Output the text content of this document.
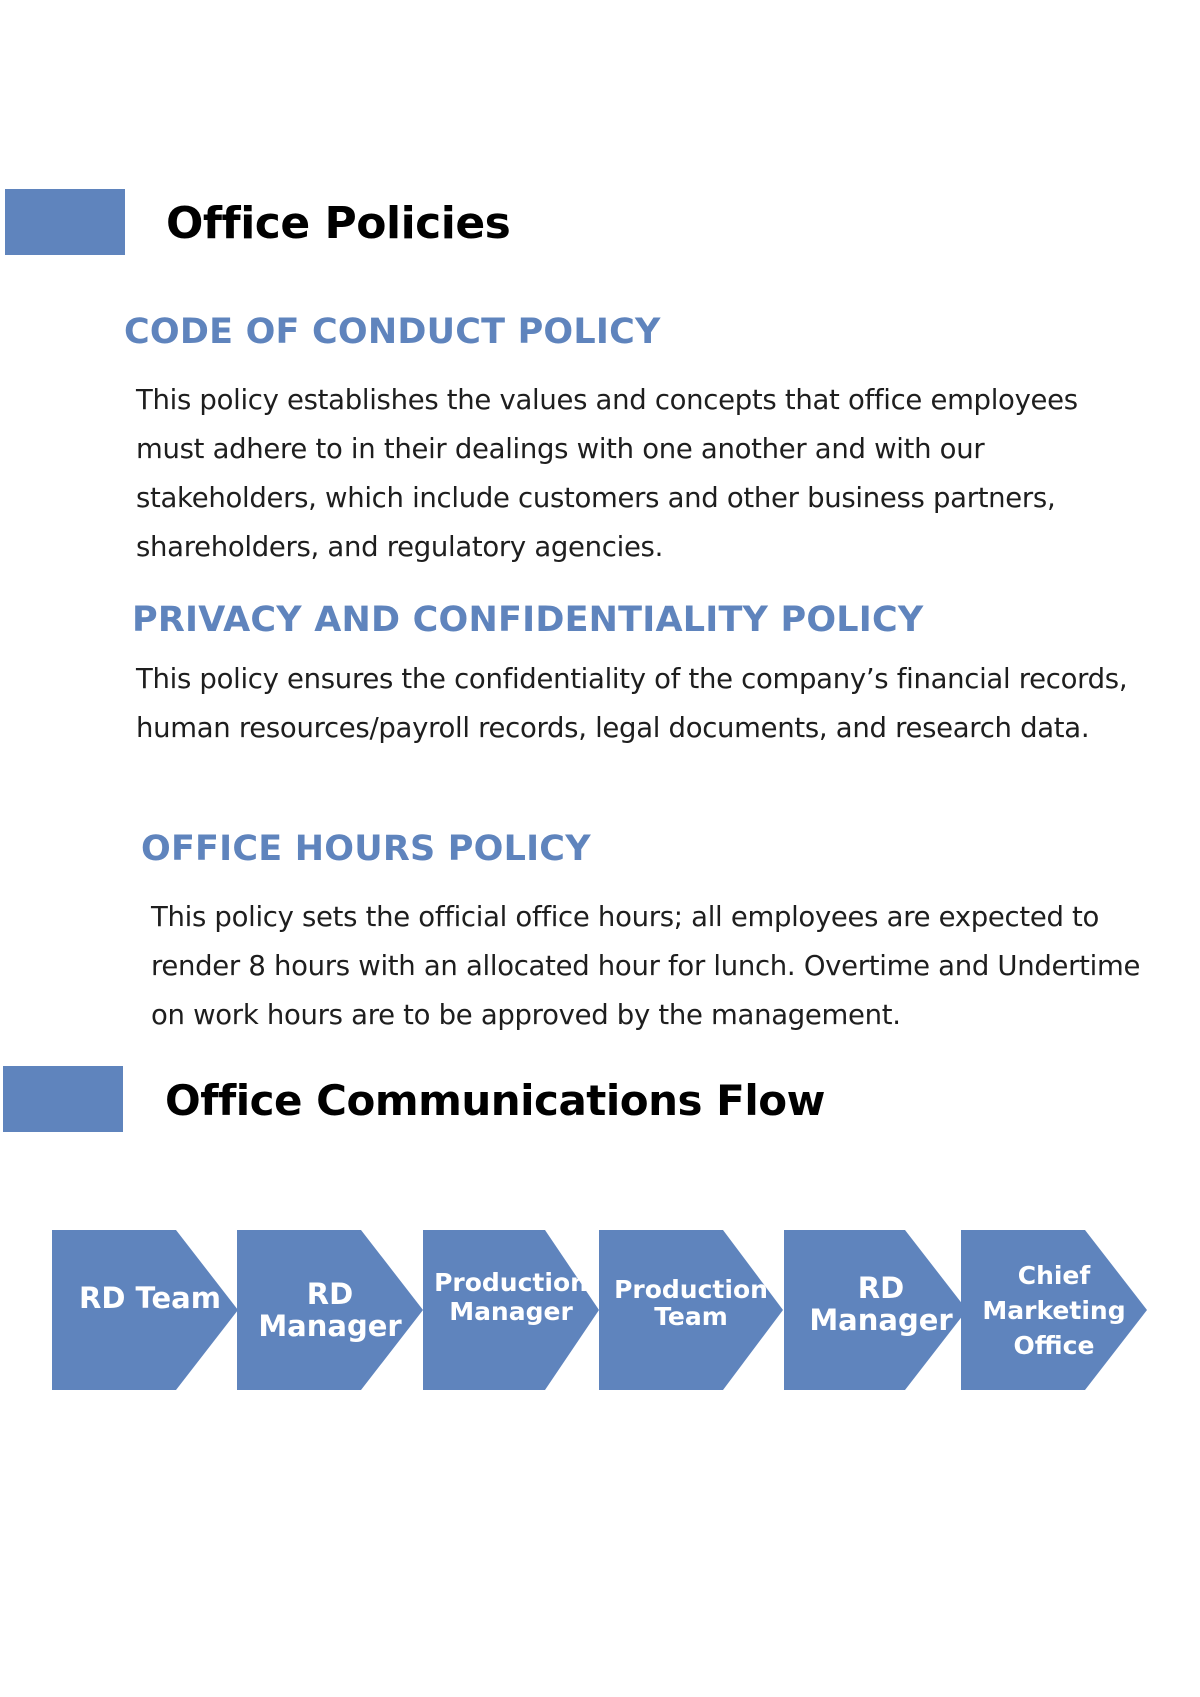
Office Policies
CODE OF CONDUCT POLICY

This policy establishes the values and concepts that office employees must adhere to in their dealings with one another and with our stakeholders, which include customers and other business partners, shareholders, and regulatory agencies.

PRIVACY AND CONFIDENTIALITY POLICY

This policy ensures the confidentiality of the company’s financial records, human resources/payroll records, legal documents, and research data.

OFFICE HOURS POLICY

This policy sets the official office hours; all employees are expected to render 8 hours with an allocated hour for lunch. Overtime and Undertime on work hours are to be approved by the management.

Office Communications Flow
RD Team	RD
Manager
Production
Manager
Production
Team
RD
Manager
Chief
Marketing
Office
